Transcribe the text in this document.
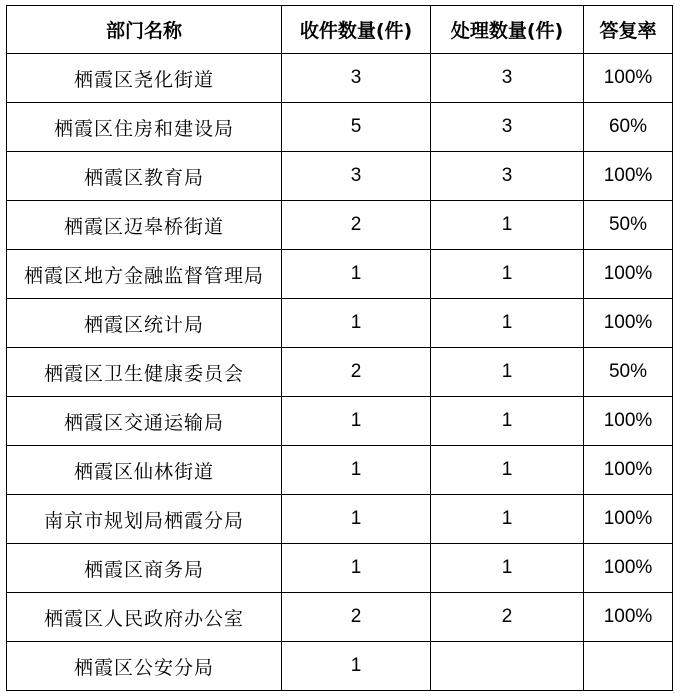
部门名称	收件数量(件)	处理数量(件)	答复率
栖霞区尧化街道	3	3	100%
栖霞区住房和建设局	5	3	60%
栖霞区教育局	3	3	100%
栖霞区迈皋桥街道	2	1	50%
栖霞区地方金融监督管理局	1	1	100%
栖霞区统计局	1	1	100%
栖霞区卫生健康委员会	2	1	50%
栖霞区交通运输局	1	1	100%
栖霞区仙林街道	1	1	100%
南京市规划局栖霞分局	1	1	100%
栖霞区商务局	1	1	100%
栖霞区人民政府办公室	2	2	100%
栖霞区公安分局	1		
